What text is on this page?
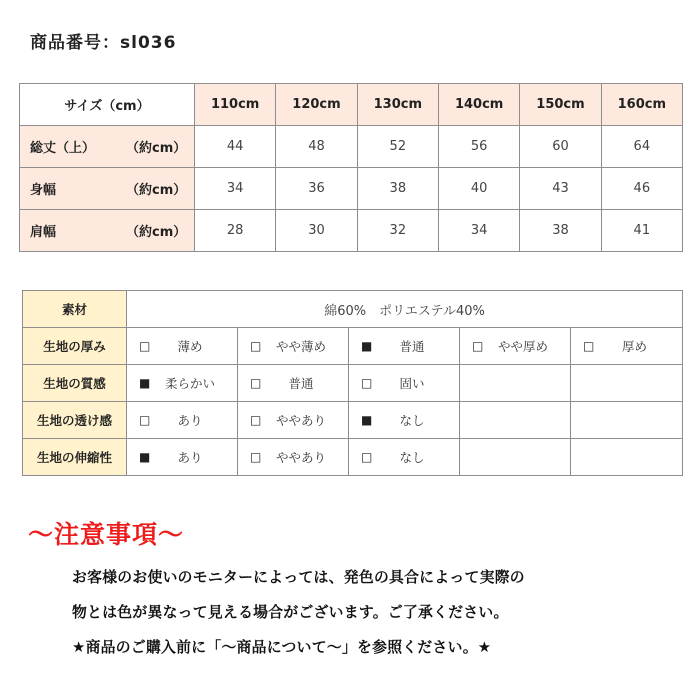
商品番号：sl036
サイズ（cm）	110cm	120cm	130cm	140cm	150cm	160cm
総丈（上） （約cm）	44	48	52	56	60	64
身幅 （約cm）	34	36	38	40	43	46
肩幅 （約cm）	28	30	32	34	38	41
素材	綿60%　ポリエステル40%				
生地の厚み	□ 薄め	□ やや薄め	■ 普通	□ やや厚め	□ 厚め

生地の質感	■ 柔らかい	□ 普通	□ 固い		

生地の透け感	□ あり	□ ややあり	■ なし		

生地の伸縮性	■ あり	□ ややあり	□ なし		

～注意事項～
お客様のお使いのモニターによっては、発色の具合によって実際の
物とは色が異なって見える場合がございます。ご了承ください。
★商品のご購入前に「～商品について～」を参照ください。★
